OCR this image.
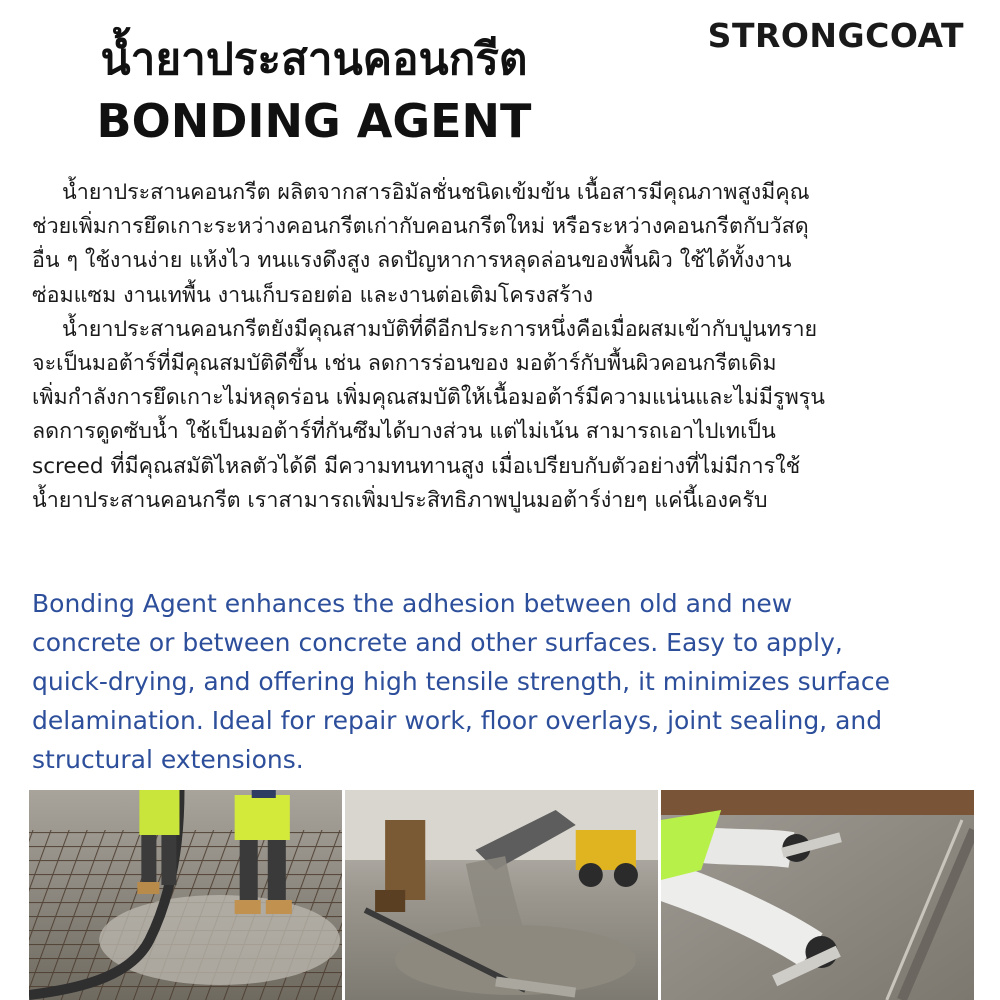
STRONGCOAT
น้ำยาประสานคอนกรีต
BONDING AGENT

น้ำยาประสานคอนกรีต ผลิตจากสารอิมัลชั่นชนิดเข้มข้น เนื้อสารมีคุณภาพสูงมีคุณ
ช่วยเพิ่มการยึดเกาะระหว่างคอนกรีตเก่ากับคอนกรีตใหม่ หรือระหว่างคอนกรีตกับวัสดุ
อื่น ๆ ใช้งานง่าย แห้งไว ทนแรงดึงสูง ลดปัญหาการหลุดล่อนของพื้นผิว ใช้ได้ทั้งงาน
ซ่อมแซม งานเทพื้น งานเก็บรอยต่อ และงานต่อเติมโครงสร้าง

น้ำยาประสานคอนกรีตยังมีคุณสามบัติที่ดีอีกประการหนึ่งคือเมื่อผสมเข้ากับปูนทราย
จะเป็นมอต้าร์ที่มีคุณสมบัติดีขึ้น เช่น ลดการร่อนของ มอต้าร์กับพื้นผิวคอนกรีตเดิม
เพิ่มกำลังการยึดเกาะไม่หลุดร่อน เพิ่มคุณสมบัติให้เนื้อมอต้าร์มีความแน่นและไม่มีรูพรุน
ลดการดูดซับน้ำ ใช้เป็นมอต้าร์ที่กันซึมได้บางส่วน แต่ไม่เน้น สามารถเอาไปเทเป็น
screed ที่มีคุณสมัติไหลตัวได้ดี มีความทนทานสูง เมื่อเปรียบกับตัวอย่างที่ไม่มีการใช้
น้ำยาประสานคอนกรีต เราสามารถเพิ่มประสิทธิภาพปูนมอต้าร์ง่ายๆ แค่นี้เองครับ

Bonding Agent enhances the adhesion between old and new
concrete or between concrete and other surfaces. Easy to apply,
quick-drying, and offering high tensile strength, it minimizes surface
delamination. Ideal for repair work, floor overlays, joint sealing, and
structural extensions.
